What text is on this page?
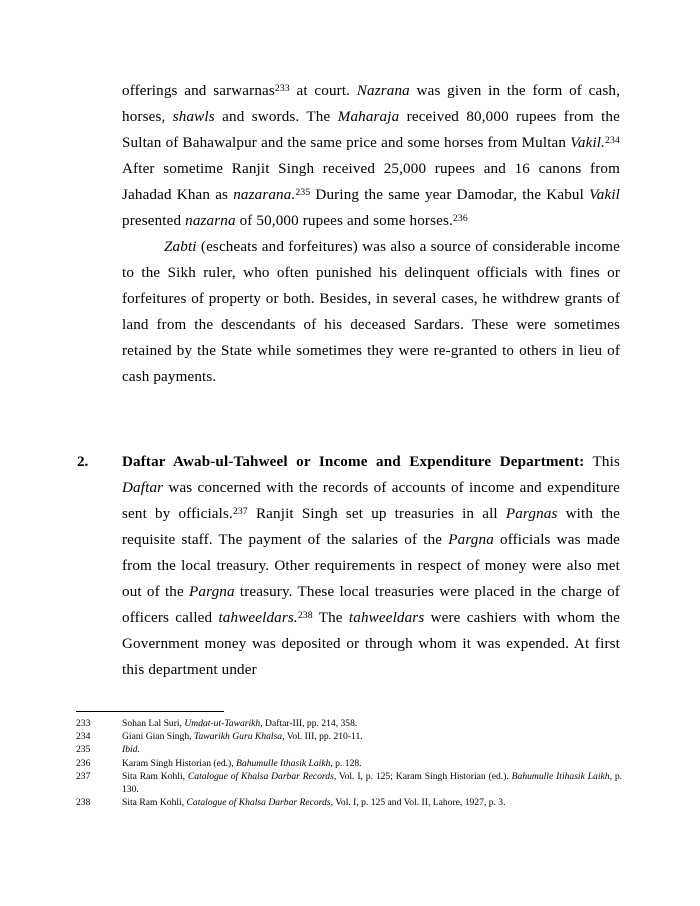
offerings and sarwarnas$^{233}$ at court. Nazrana was given in the form of cash, horses, shawls and swords. The Maharaja received 80,000 rupees from the Sultan of Bahawalpur and the same price and some horses from Multan Vakil.$^{234}$ After sometime Ranjit Singh received 25,000 rupees and 16 canons from Jahadad Khan as nazarana.$^{235}$ During the same year Damodar, the Kabul Vakil presented nazarna of 50,000 rupees and some horses.$^{236}$

Zabti (escheats and forfeitures) was also a source of considerable income to the Sikh ruler, who often punished his delinquent officials with fines or forfeitures of property or both. Besides, in several cases, he withdrew grants of land from the descendants of his deceased Sardars. These were sometimes retained by the State while sometimes they were re-granted to others in lieu of cash payments.

2.	Daftar Awab-ul-Tahweel or Income and Expenditure Department: This Daftar was concerned with the records of accounts of income and expenditure sent by officials.$^{237}$ Ranjit Singh set up treasuries in all Pargnas with the requisite staff. The payment of the salaries of the Pargna officials was made from the local treasury. Other requirements in respect of money were also met out of the Pargna treasury. These local treasuries were placed in the charge of officers called tahweeldars.$^{238}$ The tahweeldars were cashiers with whom the Government money was deposited or through whom it was expended. At first this department under
233	Sohan Lal Suri, Umdat-ut-Tawarikh, Daftar-III, pp. 214, 358.
234	Giani Gian Singh, Tawarikh Guru Khalsa, Vol. III, pp. 210-11.
235	Ibid.
236	Karam Singh Historian (ed.), Bahumulle Ithasik Laikh, p. 128.
237	Sita Ram Kohli, Catalogue of Khalsa Darbar Records, Vol. I, p. 125; Karam Singh Historian (ed.). Bahumulle Itihasik Laikh, p. 130.
238	Sita Ram Kohli, Catalogue of Khalsa Darbar Records, Vol. I, p. 125 and Vol. II, Lahore, 1927, p. 3.
